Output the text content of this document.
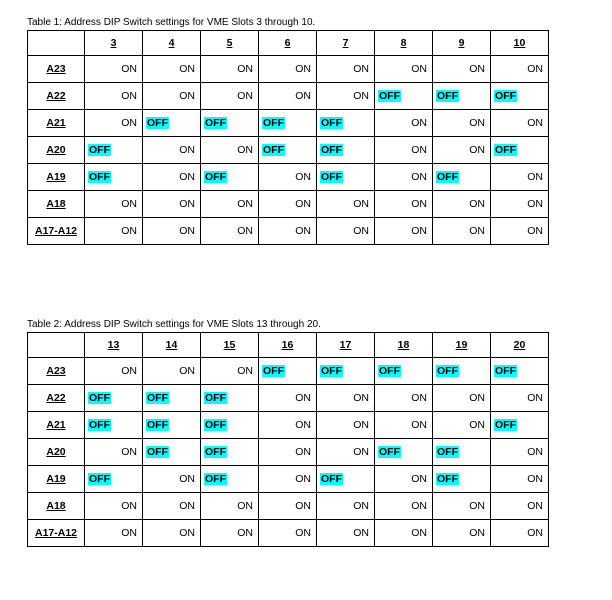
Table 1: Address DIP Switch settings for VME Slots 3 through 10.
	3	4	5	6	7	8	9	10
A23	ON	ON	ON	ON	ON	ON	ON	ON
A22	ON	ON	ON	ON	ON	OFF	OFF	OFF
A21	ON	OFF	OFF	OFF	OFF	ON	ON	ON
A20	OFF	ON	ON	OFF	OFF	ON	ON	OFF
A19	OFF	ON	OFF	ON	OFF	ON	OFF	ON
A18	ON	ON	ON	ON	ON	ON	ON	ON
A17-A12	ON	ON	ON	ON	ON	ON	ON	ON
Table 2: Address DIP Switch settings for VME Slots 13 through 20.
	13	14	15	16	17	18	19	20
A23	ON	ON	ON	OFF	OFF	OFF	OFF	OFF
A22	OFF	OFF	OFF	ON	ON	ON	ON	ON
A21	OFF	OFF	OFF	ON	ON	ON	ON	OFF
A20	ON	OFF	OFF	ON	ON	OFF	OFF	ON
A19	OFF	ON	OFF	ON	OFF	ON	OFF	ON
A18	ON	ON	ON	ON	ON	ON	ON	ON
A17-A12	ON	ON	ON	ON	ON	ON	ON	ON
